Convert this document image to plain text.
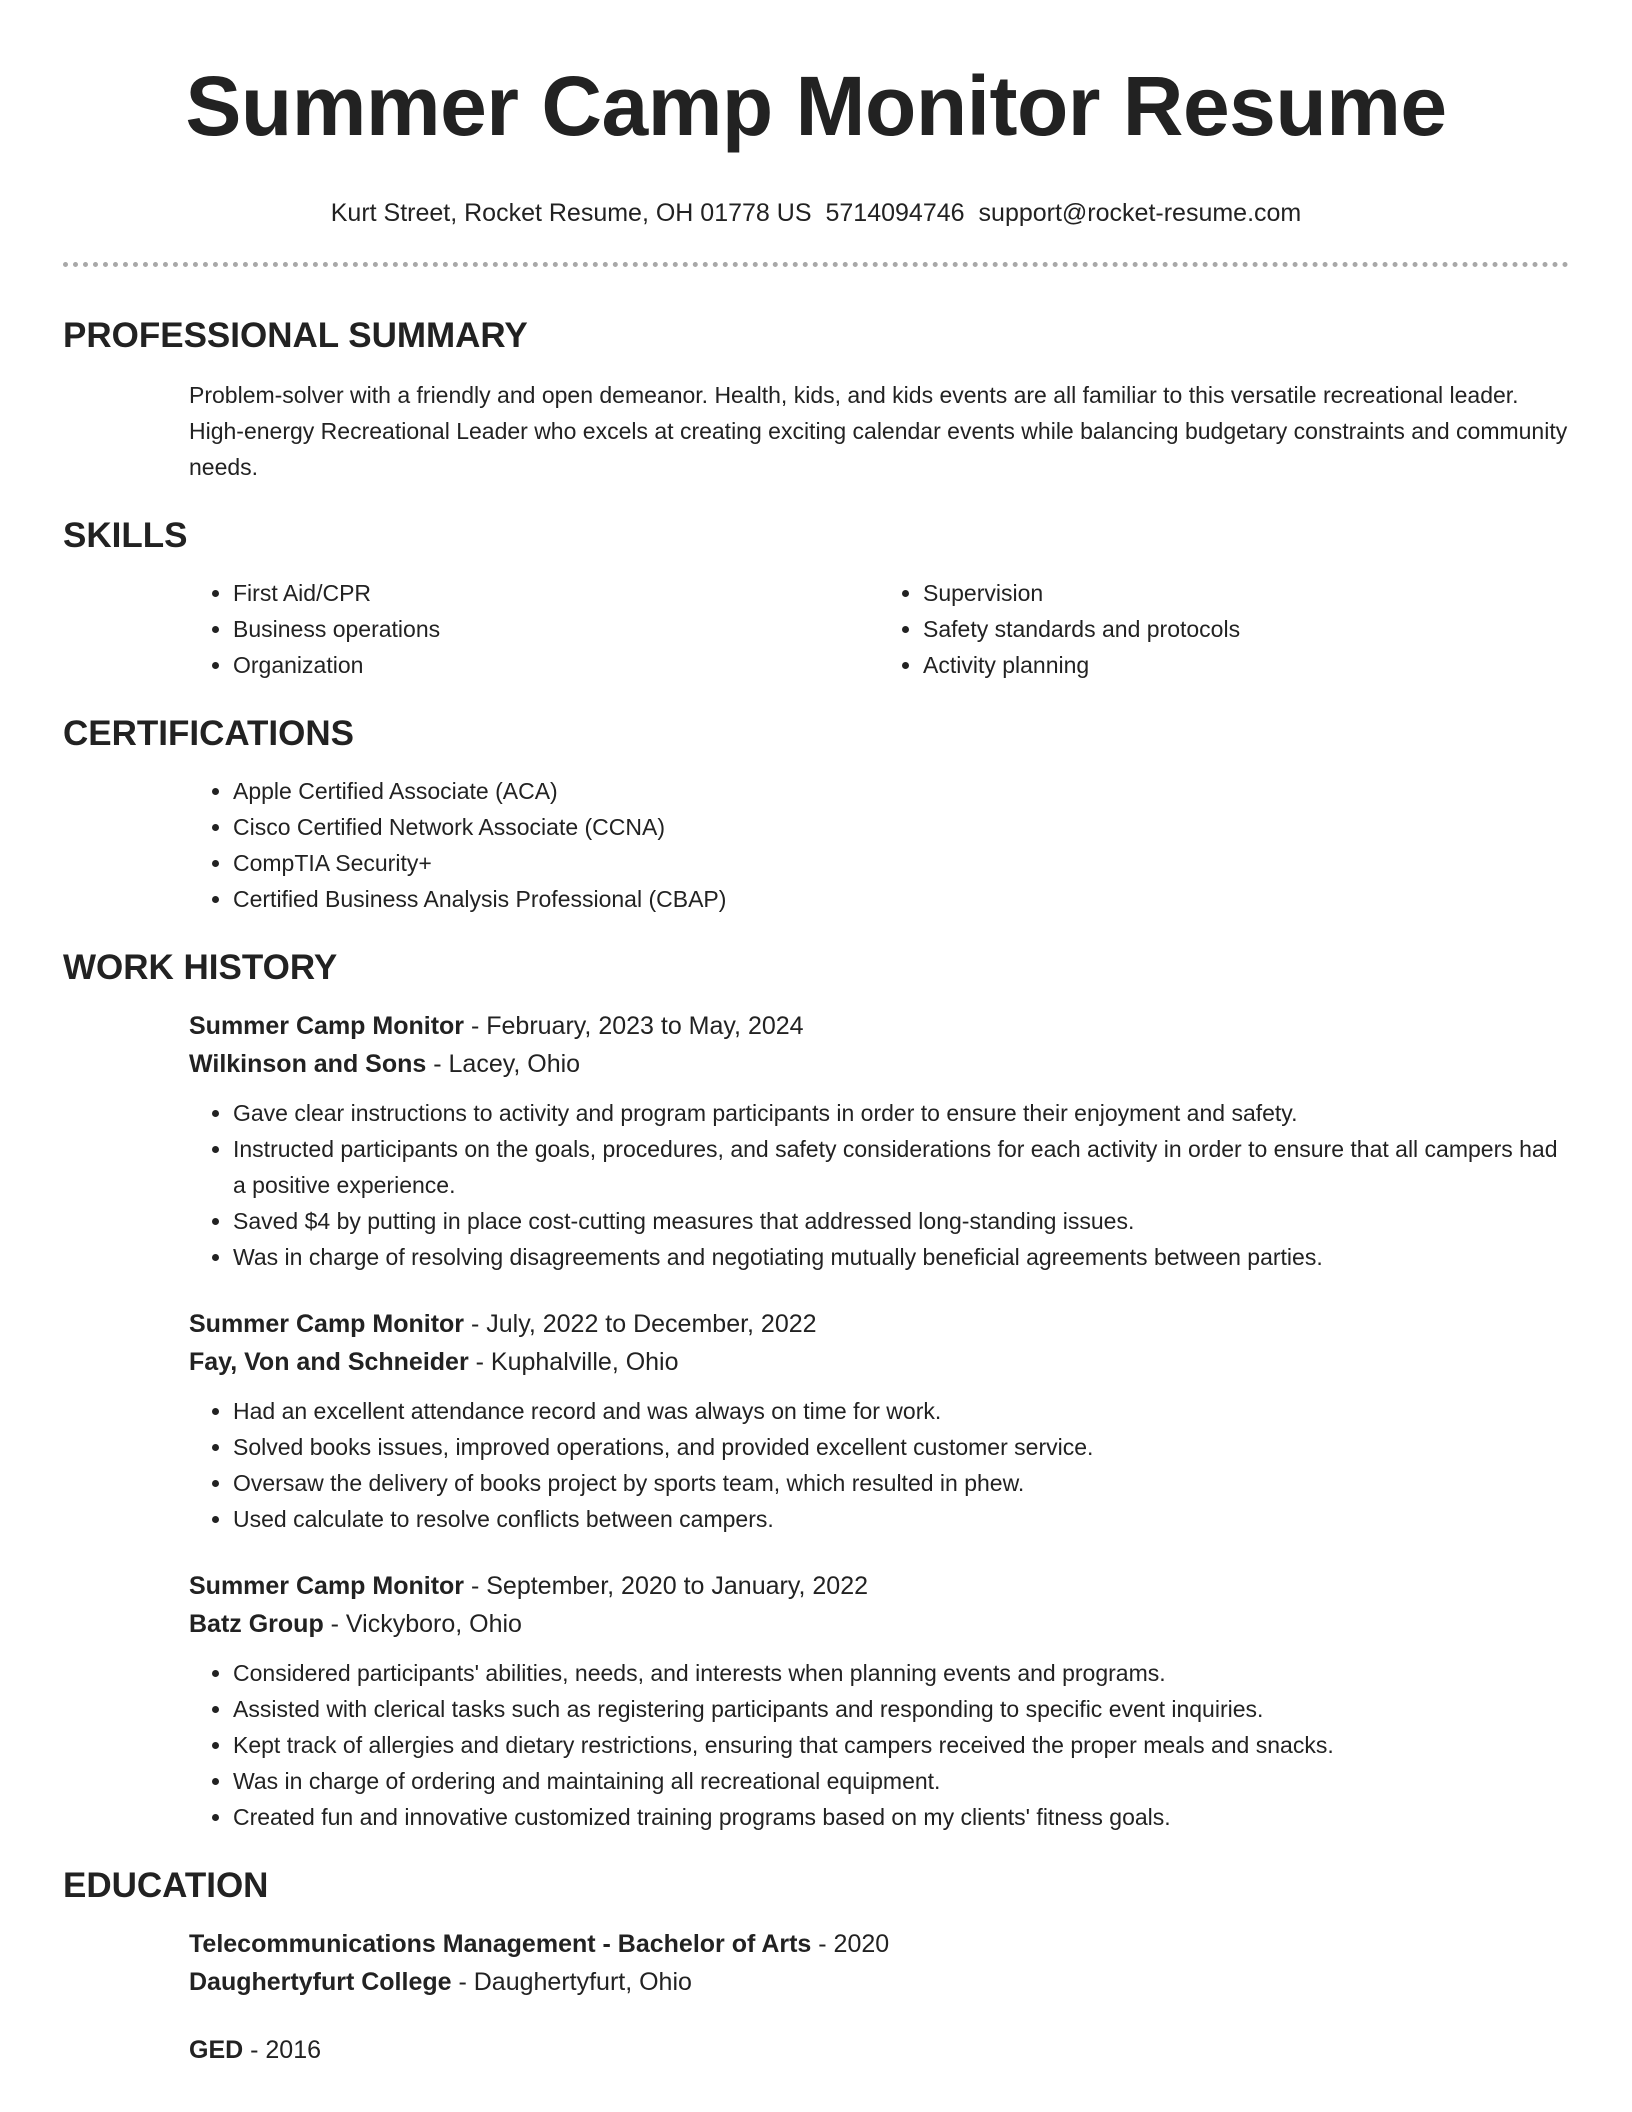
Summer Camp Monitor Resume
Kurt Street, Rocket Resume, OH 01778 US 5714094746 support@rocket-resume.com
PROFESSIONAL SUMMARY

Problem-solver with a friendly and open demeanor. Health, kids, and kids events are all familiar to this versatile recreational leader. High-energy Recreational Leader who excels at creating exciting calendar events while balancing budgetary constraints and community needs.

SKILLS
• First Aid/CPR
• Business operations
• Organization
• Supervision
• Safety standards and protocols
• Activity planning
CERTIFICATIONS
• Apple Certified Associate (ACA)
• Cisco Certified Network Associate (CCNA)
• CompTIA Security+
• Certified Business Analysis Professional (CBAP)
WORK HISTORY
Summer Camp Monitor - February, 2023 to May, 2024
Wilkinson and Sons - Lacey, Ohio
• Gave clear instructions to activity and program participants in order to ensure their enjoyment and safety.
• Instructed participants on the goals, procedures, and safety considerations for each activity in order to ensure that all campers had a positive experience.
• Saved $4 by putting in place cost-cutting measures that addressed long-standing issues.
• Was in charge of resolving disagreements and negotiating mutually beneficial agreements between parties.
Summer Camp Monitor - July, 2022 to December, 2022
Fay, Von and Schneider - Kuphalville, Ohio
• Had an excellent attendance record and was always on time for work.
• Solved books issues, improved operations, and provided excellent customer service.
• Oversaw the delivery of books project by sports team, which resulted in phew.
• Used calculate to resolve conflicts between campers.
Summer Camp Monitor - September, 2020 to January, 2022
Batz Group - Vickyboro, Ohio
• Considered participants' abilities, needs, and interests when planning events and programs.
• Assisted with clerical tasks such as registering participants and responding to specific event inquiries.
• Kept track of allergies and dietary restrictions, ensuring that campers received the proper meals and snacks.
• Was in charge of ordering and maintaining all recreational equipment.
• Created fun and innovative customized training programs based on my clients' fitness goals.
EDUCATION
Telecommunications Management - Bachelor of Arts - 2020
Daughertyfurt College - Daughertyfurt, Ohio
GED - 2016
